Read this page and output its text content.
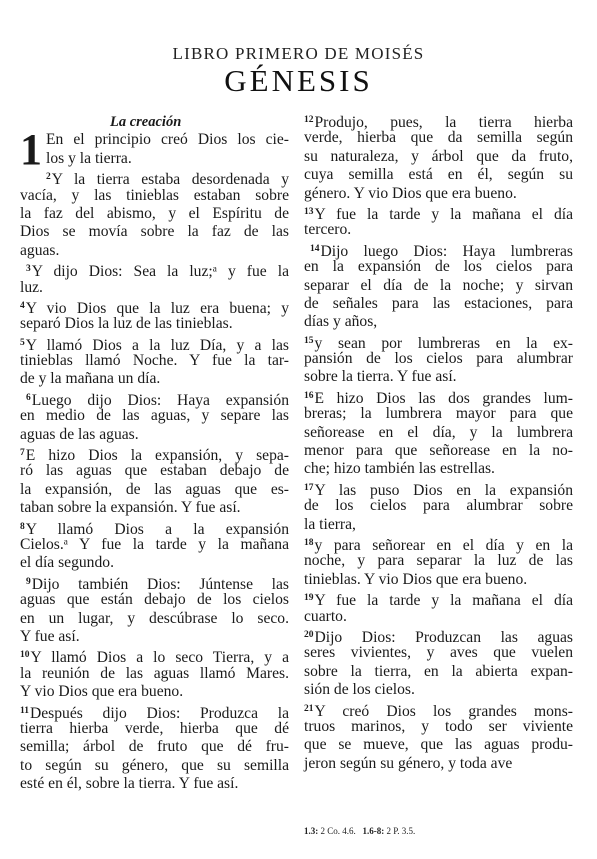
LIBRO PRIMERO DE MOISÉS
GÉNESIS
La creación
1 En el principio creó Dios los cie-
los y la tierra.
$^2$Y la tierra estaba desordenada y
vacía, y las tinieblas estaban sobre
la faz del abismo, y el Espíritu de
Dios se movía sobre la faz de las
aguas.
$^3$Y dijo Dios: Sea la luz;ᵃ y fue la
luz.
$^4$Y vio Dios que la luz era buena; y
separó Dios la luz de las tinieblas.
$^5$Y llamó Dios a la luz Día, y a las
tinieblas llamó Noche. Y fue la tar-
de y la mañana un día.
$^6$Luego dijo Dios: Haya expansión
en medio de las aguas, y separe las
aguas de las aguas.
$^7$E hizo Dios la expansión, y sepa-
ró las aguas que estaban debajo de
la expansión, de las aguas que es-
taban sobre la expansión. Y fue así.
$^8$Y llamó Dios a la expansión
Cielos.ᵃ Y fue la tarde y la mañana
el día segundo.
$^9$Dijo también Dios: Júntense las
aguas que están debajo de los cielos
en un lugar, y descúbrase lo seco.
Y fue así.
$^{10}$Y llamó Dios a lo seco Tierra, y a
la reunión de las aguas llamó Mares.
Y vio Dios que era bueno.
$^{11}$Después dijo Dios: Produzca la
tierra hierba verde, hierba que dé
semilla; árbol de fruto que dé fru-
to según su género, que su semilla
esté en él, sobre la tierra. Y fue así.
$^{12}$Produjo, pues, la tierra hierba
verde, hierba que da semilla según
su naturaleza, y árbol que da fruto,
cuya semilla está en él, según su
género. Y vio Dios que era bueno.
$^{13}$Y fue la tarde y la mañana el día
tercero.
$^{14}$Dijo luego Dios: Haya lumbreras
en la expansión de los cielos para
separar el día de la noche; y sirvan
de señales para las estaciones, para
días y años,
$^{15}$y sean por lumbreras en la ex-
pansión de los cielos para alumbrar
sobre la tierra. Y fue así.
$^{16}$E hizo Dios las dos grandes lum-
breras; la lumbrera mayor para que
señorease en el día, y la lumbrera
menor para que señorease en la no-
che; hizo también las estrellas.
$^{17}$Y las puso Dios en la expansión
de los cielos para alumbrar sobre
la tierra,
$^{18}$y para señorear en el día y en la
noche, y para separar la luz de las
tinieblas. Y vio Dios que era bueno.
$^{19}$Y fue la tarde y la mañana el día
cuarto.
$^{20}$Dijo Dios: Produzcan las aguas
seres vivientes, y aves que vuelen
sobre la tierra, en la abierta expan-
sión de los cielos.
$^{21}$Y creó Dios los grandes mons-
truos marinos, y todo ser viviente
que se mueve, que las aguas produ-
jeron según su género, y toda ave
1.3: 2 Co. 4.6. 1.6-8: 2 P. 3.5.
